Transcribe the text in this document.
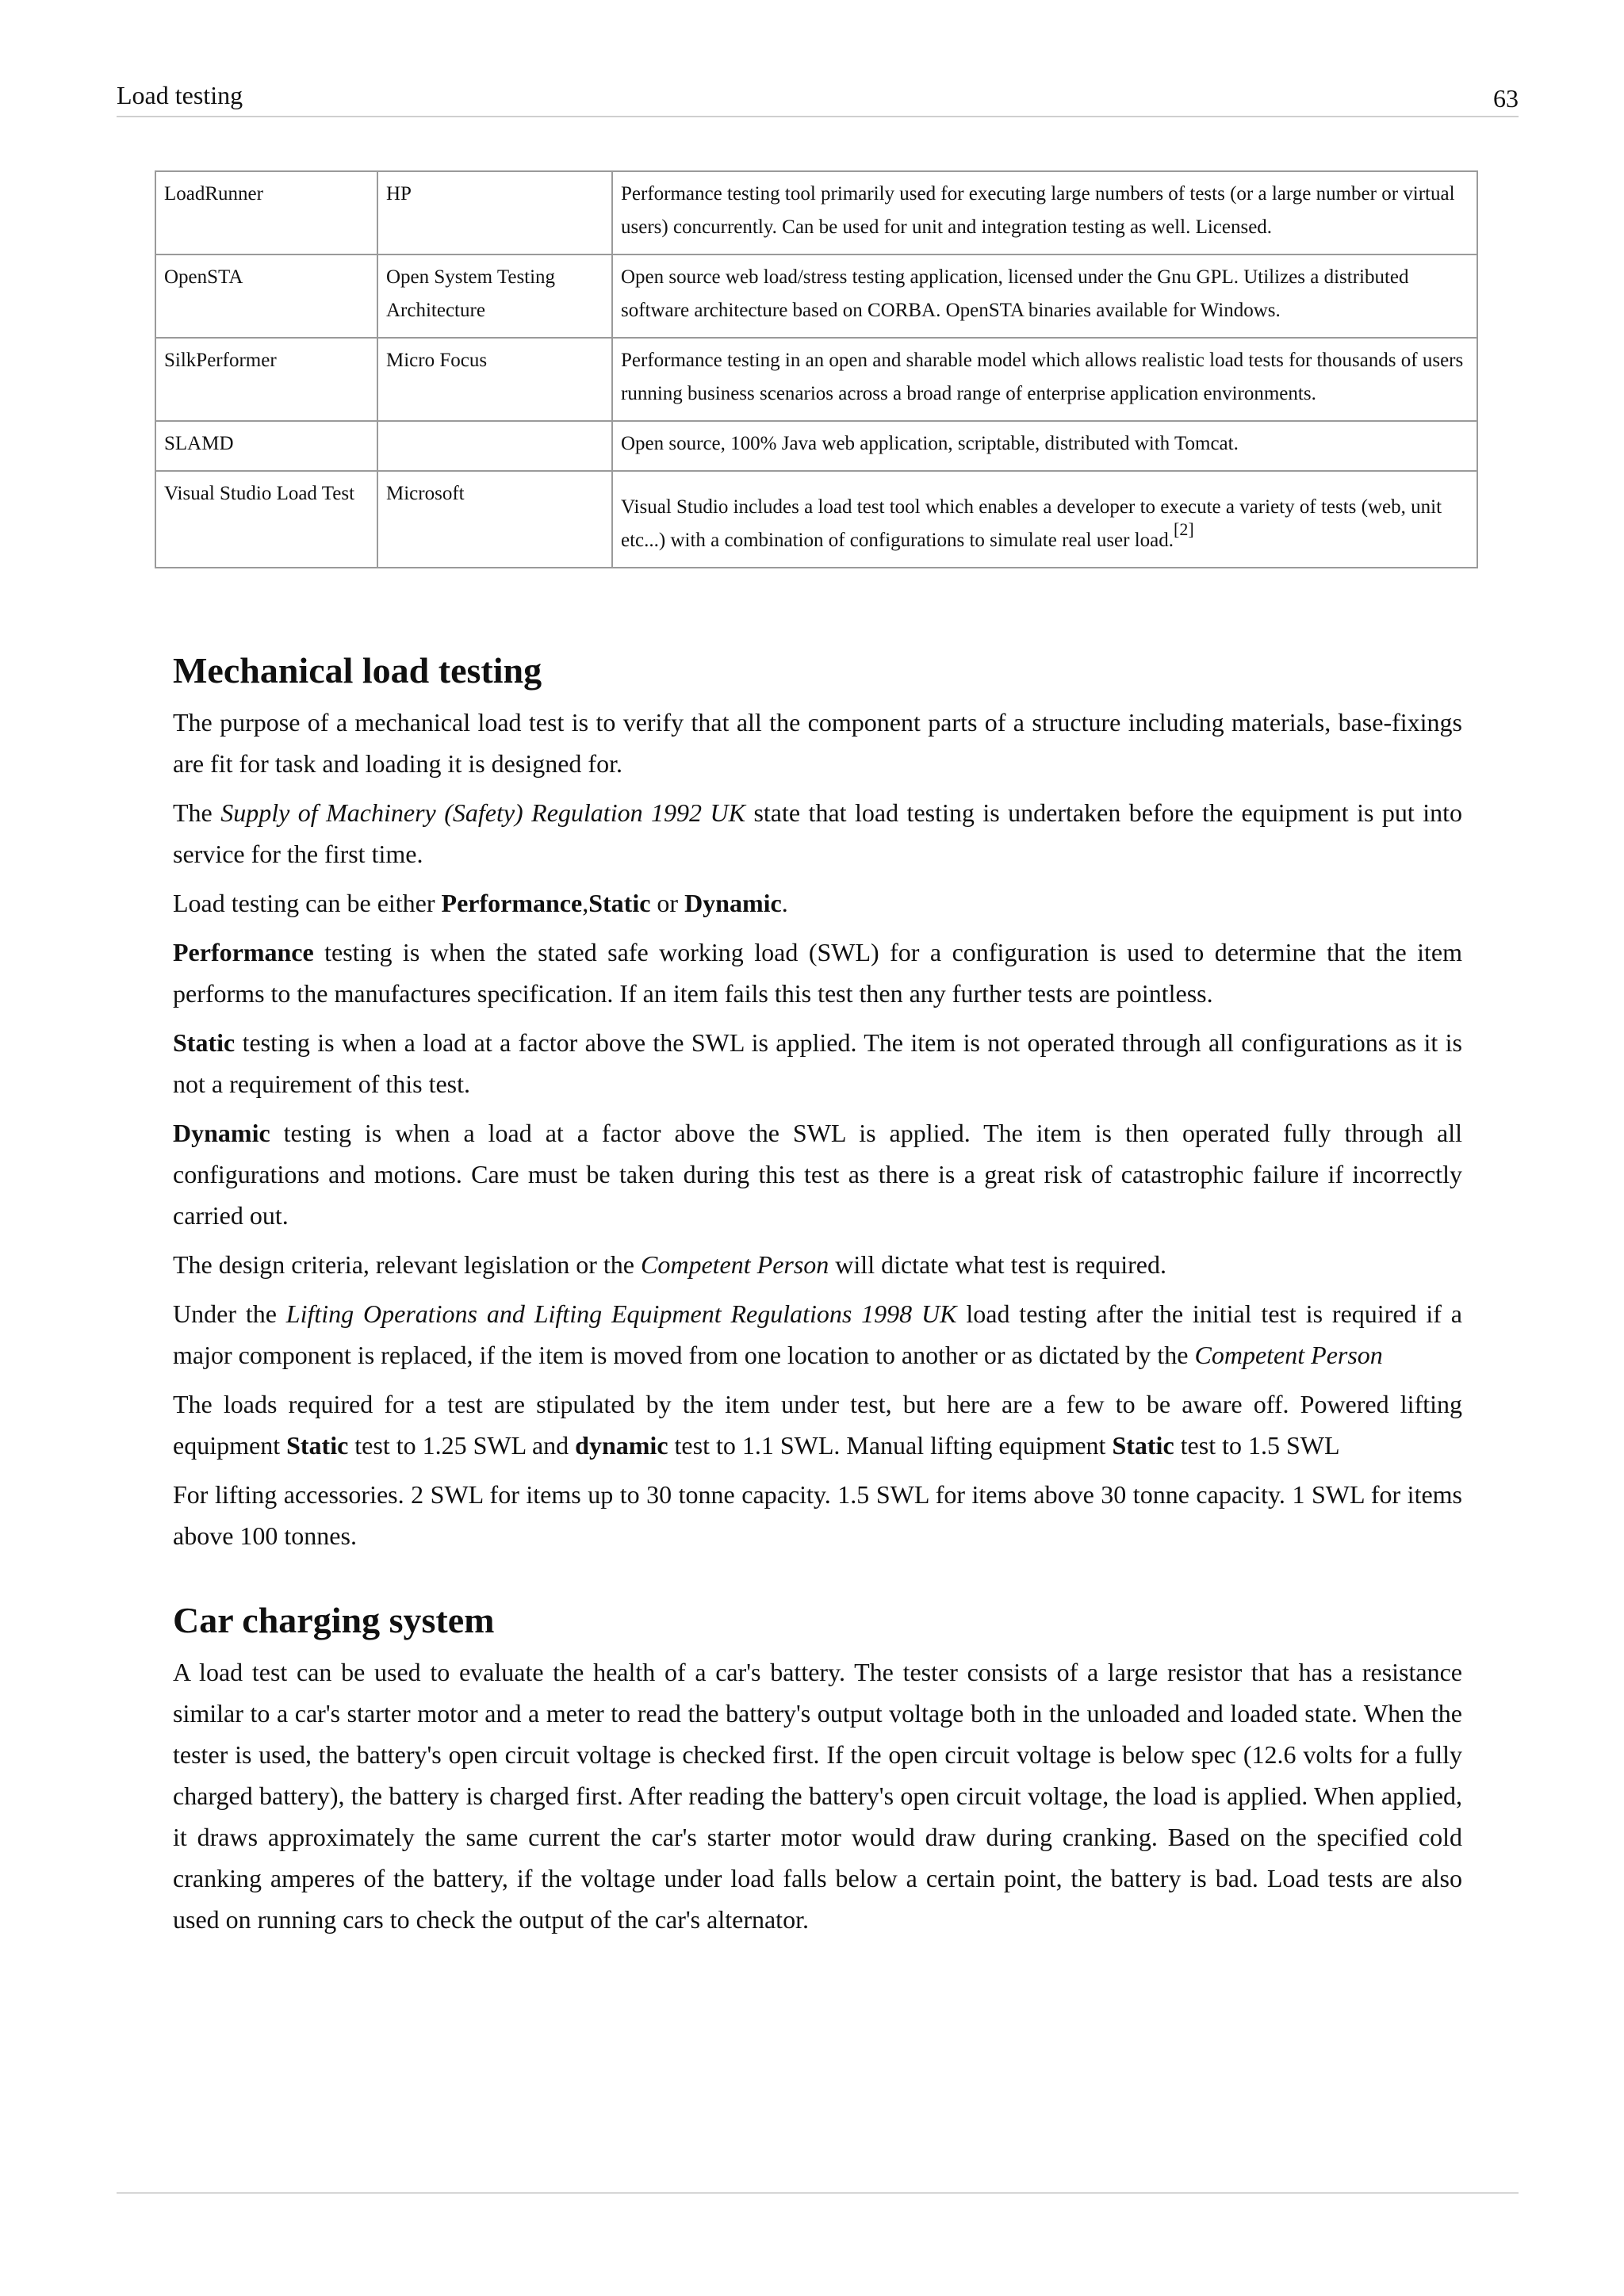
Load testing	63
LoadRunner	HP	Performance testing tool primarily used for executing large numbers of tests (or a large number or virtual users) concurrently. Can be used for unit and integration testing as well. Licensed.
OpenSTA	Open System Testing Architecture	Open source web load/stress testing application, licensed under the Gnu GPL. Utilizes a distributed software architecture based on CORBA. OpenSTA binaries available for Windows.
SilkPerformer	Micro Focus	Performance testing in an open and sharable model which allows realistic load tests for thousands of users running business scenarios across a broad range of enterprise application environments.
SLAMD		Open source, 100% Java web application, scriptable, distributed with Tomcat.
Visual Studio Load Test	Microsoft	Visual Studio includes a load test tool which enables a developer to execute a variety of tests (web, unit etc...) with a combination of configurations to simulate real user load.[2]
Mechanical load testing

The purpose of a mechanical load test is to verify that all the component parts of a structure including materials, base-fixings are fit for task and loading it is designed for.

The Supply of Machinery (Safety) Regulation 1992 UK state that load testing is undertaken before the equipment is put into service for the first time.

Load testing can be either Performance,Static or Dynamic.

Performance testing is when the stated safe working load (SWL) for a configuration is used to determine that the item performs to the manufactures specification. If an item fails this test then any further tests are pointless.

Static testing is when a load at a factor above the SWL is applied. The item is not operated through all configurations as it is not a requirement of this test.

Dynamic testing is when a load at a factor above the SWL is applied. The item is then operated fully through all configurations and motions. Care must be taken during this test as there is a great risk of catastrophic failure if incorrectly carried out.

The design criteria, relevant legislation or the Competent Person will dictate what test is required.

Under the Lifting Operations and Lifting Equipment Regulations 1998 UK load testing after the initial test is required if a major component is replaced, if the item is moved from one location to another or as dictated by the Competent Person

The loads required for a test are stipulated by the item under test, but here are a few to be aware off. Powered lifting equipment Static test to 1.25 SWL and dynamic test to 1.1 SWL. Manual lifting equipment Static test to 1.5 SWL

For lifting accessories. 2 SWL for items up to 30 tonne capacity. 1.5 SWL for items above 30 tonne capacity. 1 SWL for items above 100 tonnes.

Car charging system

A load test can be used to evaluate the health of a car's battery. The tester consists of a large resistor that has a resistance similar to a car's starter motor and a meter to read the battery's output voltage both in the unloaded and loaded state. When the tester is used, the battery's open circuit voltage is checked first. If the open circuit voltage is below spec (12.6 volts for a fully charged battery), the battery is charged first. After reading the battery's open circuit voltage, the load is applied. When applied, it draws approximately the same current the car's starter motor would draw during cranking. Based on the specified cold cranking amperes of the battery, if the voltage under load falls below a certain point, the battery is bad. Load tests are also used on running cars to check the output of the car's alternator.
